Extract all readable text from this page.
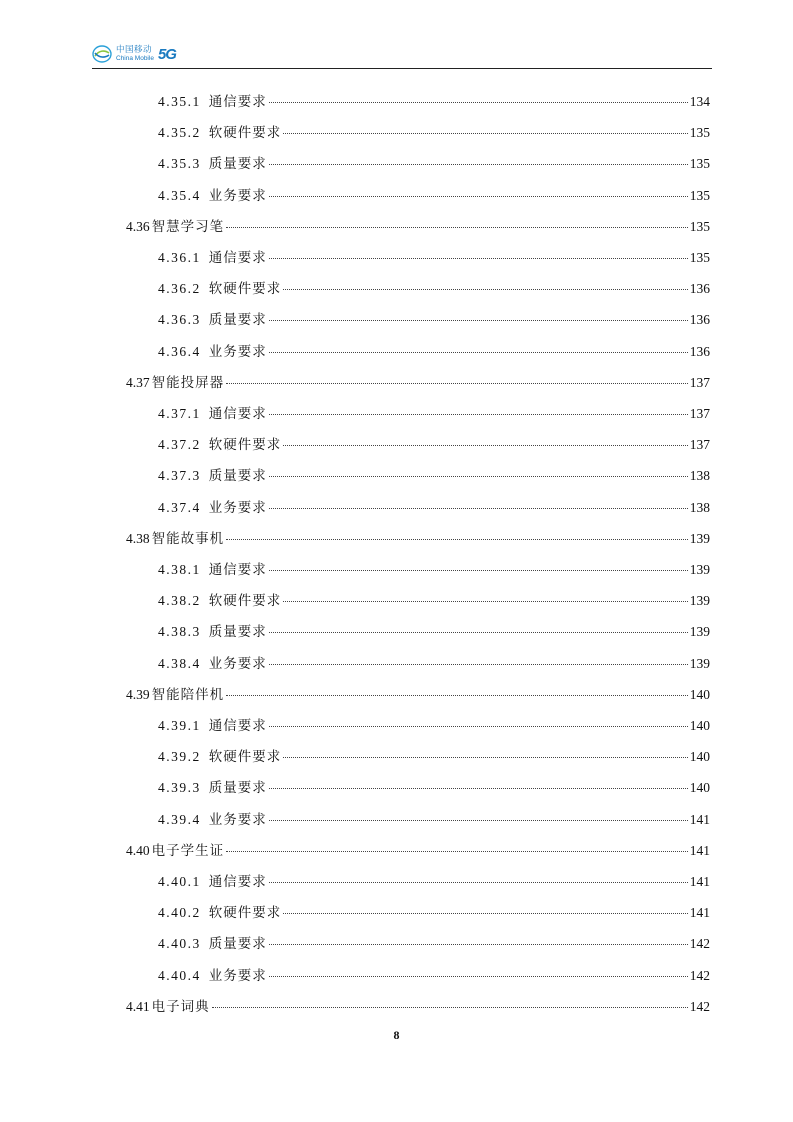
中国移动
China Mobile 5G
4.35.1 通信要求	134
4.35.2 软硬件要求	135
4.35.3 质量要求	135
4.35.4 业务要求	135
4.36 智慧学习笔	135
4.36.1 通信要求	135
4.36.2 软硬件要求	136
4.36.3 质量要求	136
4.36.4 业务要求	136
4.37 智能投屏器	137
4.37.1 通信要求	137
4.37.2 软硬件要求	137
4.37.3 质量要求	138
4.37.4 业务要求	138
4.38 智能故事机	139
4.38.1 通信要求	139
4.38.2 软硬件要求	139
4.38.3 质量要求	139
4.38.4 业务要求	139
4.39 智能陪伴机	140
4.39.1 通信要求	140
4.39.2 软硬件要求	140
4.39.3 质量要求	140
4.39.4 业务要求	141
4.40 电子学生证	141
4.40.1 通信要求	141
4.40.2 软硬件要求	141
4.40.3 质量要求	142
4.40.4 业务要求	142
4.41 电子词典	142
8
